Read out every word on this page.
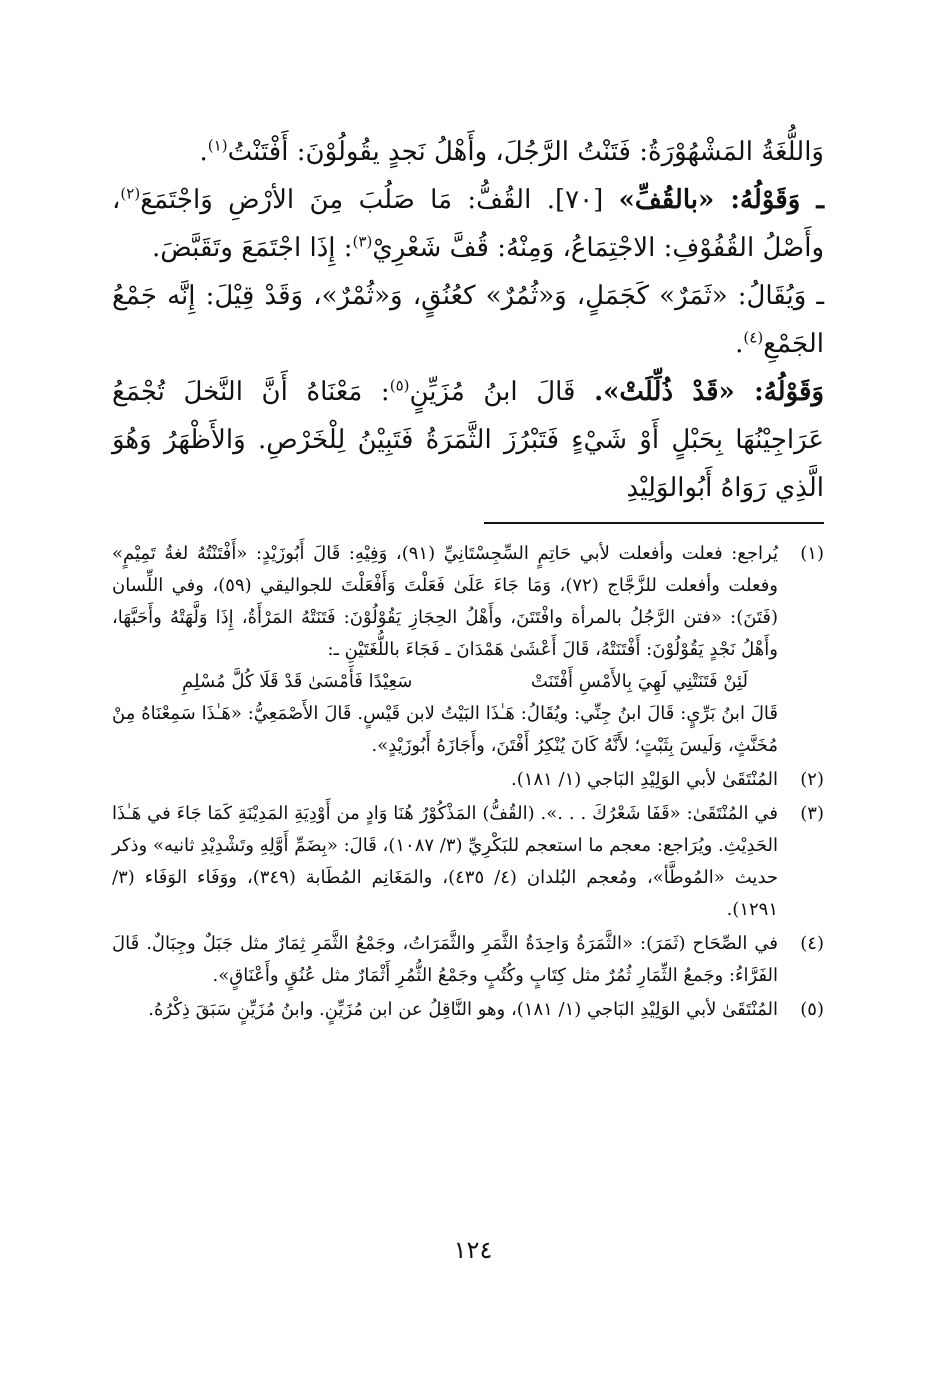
وَاللُّغَةُ المَشْهُوْرَةُ: فَتَنْتُ الرَّجُلَ، وأَهْلُ نَجدٍ يقُولُوْنَ: أَفْتَنْتُ$^{(١)}$.

ـ وَقَوْلُهُ: «بالقُفِّ» [٧٠]. القُفُّ: مَا صَلُبَ مِنَ الأرْضِ وَاجْتَمَعَ$^{(٢)}$، وأَصْلُ القُفُوْفِ: الاجْتِمَاعُ، وَمِنْهُ: قُفَّ شَعْرِيْ$^{(٣)}$: إِذَا اجْتَمَعَ وتَقَبَّضَ.

ـ وَيُقَالُ: «ثَمَرٌ» كَجَمَلٍ، وَ«ثُمُرٌ» كعُنُقٍ، وَ«ثُمْرٌ»، وَقَدْ قِيْلَ: إِنَّه جَمْعُ الجَمْعِ$^{(٤)}$.

وَقَوْلُهُ: «قَدْ ذُلِّلَتْ». قَالَ ابنُ مُزَيِّنٍ$^{(٥)}$: مَعْنَاهُ أَنَّ النَّخلَ تُجْمَعُ عَرَاجِيْنُهَا بِحَبْلٍ أَوْ شَيْءٍ فَتَبْرُزَ الثَّمَرَةُ فَتَبِيْنُ لِلْخَرْصِ. وَالأَظْهَرُ وَهُوَ الَّذِي رَوَاهُ أَبُوالوَلِيْدِ

(١)
يُراجع: فعلت وأفعلت لأبي حَاتِمٍ السِّجِسْتَانِيِّ (٩١)، وَفِيْهِ: قَالَ أَبُوزَيْدٍ: «أَفْتَنْتُهُ لغةُ تَمِيْمٍ» وفعلت وأفعلت للزَّجَّاج (٧٢)، وَمَا جَاءَ عَلَىٰ فَعَلْتَ وَأَفْعَلْتَ للجواليقي (٥٩)، وفي اللِّسان (فَتَنَ): «فتن الرَّجُلُ بالمرأة وافْتَتَنَ، وأَهْلُ الحِجَازِ يَقُوْلُوْنَ: فَتَنَتْهُ المَرْأَةُ، إِذَا وَلَّهَتْهُ وأَحَبَّهَا، وأَهْلُ نَجْدٍ يَقُوْلُوْنَ: أَفْتَنَتْهُ، قَالَ أَعْشَىٰ هَمْدَانَ ـ فَجَاءَ باللُّغَتَيْنِ ـ:
لَئِنْ فَتَنَتْنِي لَهِيَ بِالأَمْسِ أَفْتَنَتْ
سَعِيْدًا فَأَمْسَىٰ قَدْ قَلَا كُلَّ مُسْلِمِ
قَالَ ابنُ بَرِّيٍ: قَالَ ابنُ جِنِّي: ويُقَالُ: هَـٰذَا البَيْتُ لابن قَيْسٍ. قَالَ الأَصْمَعِيُّ: «هَـٰذَا سَمِعْنَاهُ مِنْ مُخَنَّثٍ، وَلَيسَ بِثَبْتٍ؛ لأَنَّهُ كَانَ يُنْكِرُ أَفْتَنَ، وأَجَازَهُ أَبُوزَيْدٍ».
(٢)
المُنْتَقَىٰ لأبي الوَلِيْدِ البَاجي (١/ ١٨١).
(٣)
في المُنْتَقَىٰ: «قَفَا شَعْرُكَ . . .». (القُفُّ) المَذْكُوْرُ هُنَا وَادٍ من أَوْدِيَةِ المَدِيْنَةِ كَمَا جَاءَ في هَـٰذَا الحَدِيْثِ. ويُرَاجع: معجم ما استعجم للبَكْرِيِّ (٣/ ١٠٨٧)، قَالَ: «بِضَمِّ أَوَّلِهِ وتَشْدِيْدِ ثانيه» وذكر حديث «المُوطَّأ»، ومُعجم البُلدان (٤/ ٤٣٥)، والمَغَانِم المُطَابة (٣٤٩)، ووَفَاء الوَفَاء (٣/ ١٢٩١).
(٤)
في الصِّحَاح (ثَمَرَ): «الثَّمَرَةُ وَاحِدَةُ الثَّمَرِ والثَّمَرَاتُ، وجَمْعُ الثَّمَرِ ثِمَارٌ مثل جَبَلٌ وجِبَالٌ. قَالَ الفَرَّاءُ: وجَمعُ الثِّمَارِ ثُمُرٌ مثل كِتَابٍ وكُتُبٍ وجَمْعُ الثُّمُرِ أَثْمَارٌ مثل عُنُقٍ وأَعْنَاقٍ».
(٥)
المُنْتَقَىٰ لأبي الوَلِيْدِ البَاجي (١/ ١٨١)، وهو النَّاقِلُ عن ابن مُزَيِّنٍ. وابنُ مُزَيِّنٍ سَبَقَ ذِكْرُهُ.
١٢٤
